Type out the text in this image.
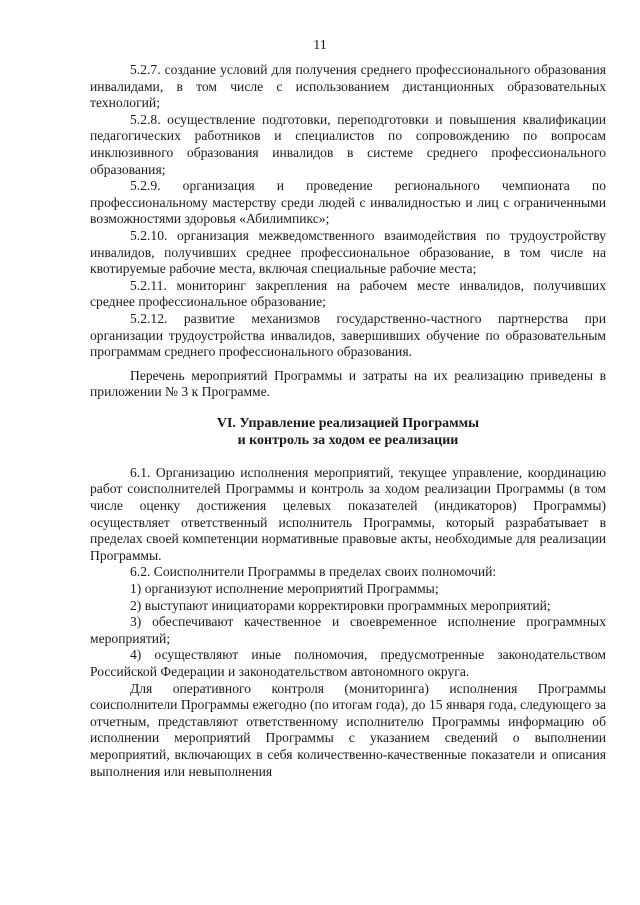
11

5.2.7. создание условий для получения среднего профессионального образования инвалидами, в том числе с использованием дистанционных образовательных технологий;

5.2.8. осуществление подготовки, переподготовки и повышения квалификации педагогических работников и специалистов по сопровождению по вопросам инклюзивного образования инвалидов в системе среднего профессионального образования;

5.2.9. организация и проведение регионального чемпионата по профессиональному мастерству среди людей с инвалидностью и лиц с ограниченными возможностями здоровья «Абилимпикс»;

5.2.10. организация межведомственного взаимодействия по трудоустройству инвалидов, получивших среднее профессиональное образование, в том числе на квотируемые рабочие места, включая специальные рабочие места;

5.2.11. мониторинг закрепления на рабочем месте инвалидов, получивших среднее профессиональное образование;

5.2.12. развитие механизмов государственно-частного партнерства при организации трудоустройства инвалидов, завершивших обучение по образовательным программам среднего профессионального образования.

Перечень мероприятий Программы и затраты на их реализацию приведены в приложении № 3 к Программе.

VI. Управление реализацией Программы
и контроль за ходом ее реализации

6.1. Организацию исполнения мероприятий, текущее управление, координацию работ соисполнителей Программы и контроль за ходом реализации Программы (в том числе оценку достижения целевых показателей (индикаторов) Программы) осуществляет ответственный исполнитель Программы, который разрабатывает в пределах своей компетенции нормативные правовые акты, необходимые для реализации Программы.

6.2. Соисполнители Программы в пределах своих полномочий:

1) организуют исполнение мероприятий Программы;

2) выступают инициаторами корректировки программных мероприятий;

3) обеспечивают качественное и своевременное исполнение программных мероприятий;

4) осуществляют иные полномочия, предусмотренные законодательством Российской Федерации и законодательством автономного округа.

Для оперативного контроля (мониторинга) исполнения Программы соисполнители Программы ежегодно (по итогам года), до 15 января года, следующего за отчетным, представляют ответственному исполнителю Программы информацию об исполнении мероприятий Программы с указанием сведений о выполнении мероприятий, включающих в себя количественно-качественные показатели и описания выполнения или невыполнения
